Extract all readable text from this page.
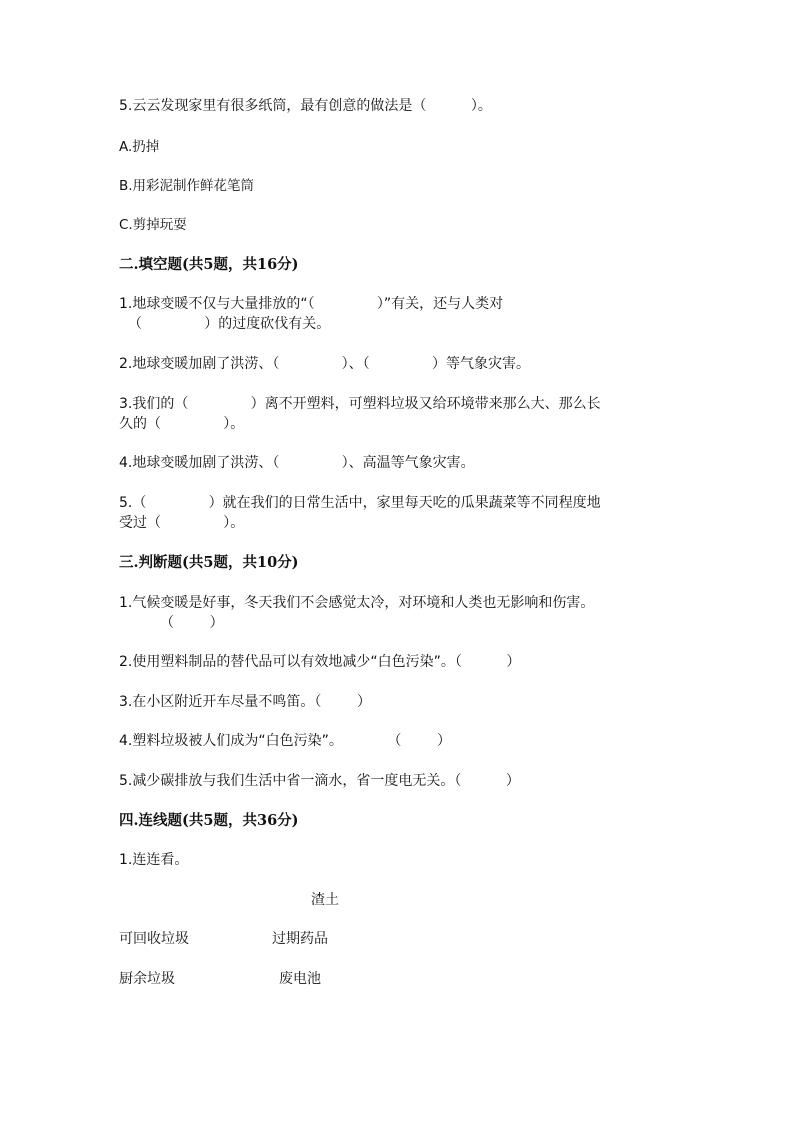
5.云云发现家里有很多纸筒，最有创意的做法是（          ）。
A.扔掉
B.用彩泥制作鲜花笔筒
C.剪掉玩耍
二.填空题(共5题，共16分)
1.地球变暖不仅与大量排放的“（              ）”有关，还与人类对
（              ）的过度砍伐有关。
2.地球变暖加剧了洪涝、（              ）、（              ）等气象灾害。
3.我们的（              ）离不开塑料，可塑料垃圾又给环境带来那么大、那么长
久的（              ）。
4.地球变暖加剧了洪涝、（              ）、高温等气象灾害。
5.（              ）就在我们的日常生活中，家里每天吃的瓜果蔬菜等不同程度地
受过（              ）。
三.判断题(共5题，共10分)
1.气候变暖是好事，冬天我们不会感觉太冷，对环境和人类也无影响和伤害。
（        ）
2.使用塑料制品的替代品可以有效地减少“白色污染”。（          ）
3.在小区附近开车尽量不鸣笛。（        ）
4.塑料垃圾被人们成为“白色污染”。          （        ）
5.减少碳排放与我们生活中省一滴水，省一度电无关。（          ）
四.连线题(共5题，共36分)
1.连连看。
渣土
可回收垃圾	过期药品
厨余垃圾	废电池
